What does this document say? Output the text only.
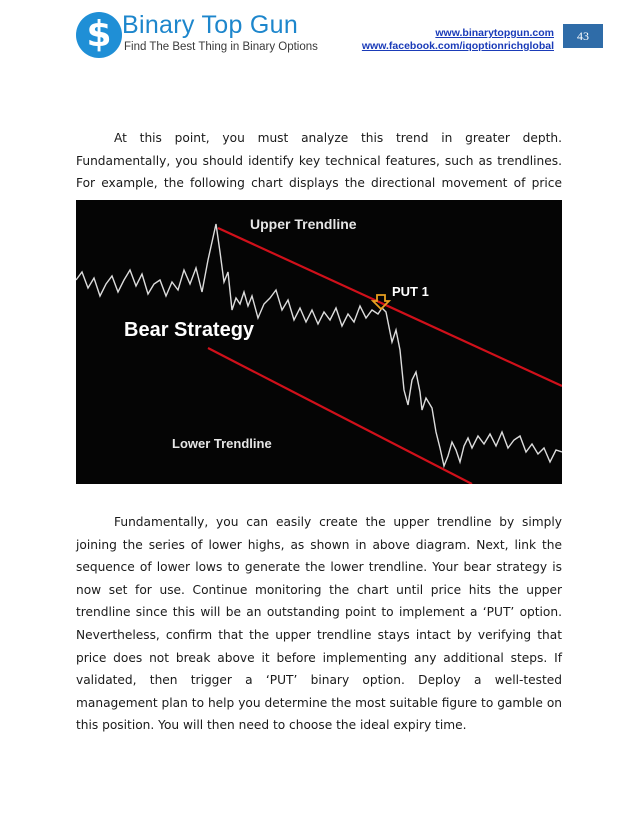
$ Binary Top Gun
Find The Best Thing in Binary Options
www.binarytopgun.com
www.facebook.com/iqoptionrichglobal
43

At this point, you must analyze this trend in greater depth. Fundamentally, you should identify key technical features, such as trendlines. For example, the following chart displays the directional movement of price

Upper Trendline
Lower Trendline
Bear Strategy
PUT 1

Fundamentally, you can easily create the upper trendline by simply joining the series of lower highs, as shown in above diagram. Next, link the sequence of lower lows to generate the lower trendline. Your bear strategy is now set for use. Continue monitoring the chart until price hits the upper trendline since this will be an outstanding point to implement a ‘PUT’ option. Nevertheless, confirm that the upper trendline stays intact by verifying that price does not break above it before implementing any additional steps. If validated, then trigger a ‘PUT’ binary option. Deploy a well-tested management plan to help you determine the most suitable figure to gamble on this position. You will then need to choose the ideal expiry time.
